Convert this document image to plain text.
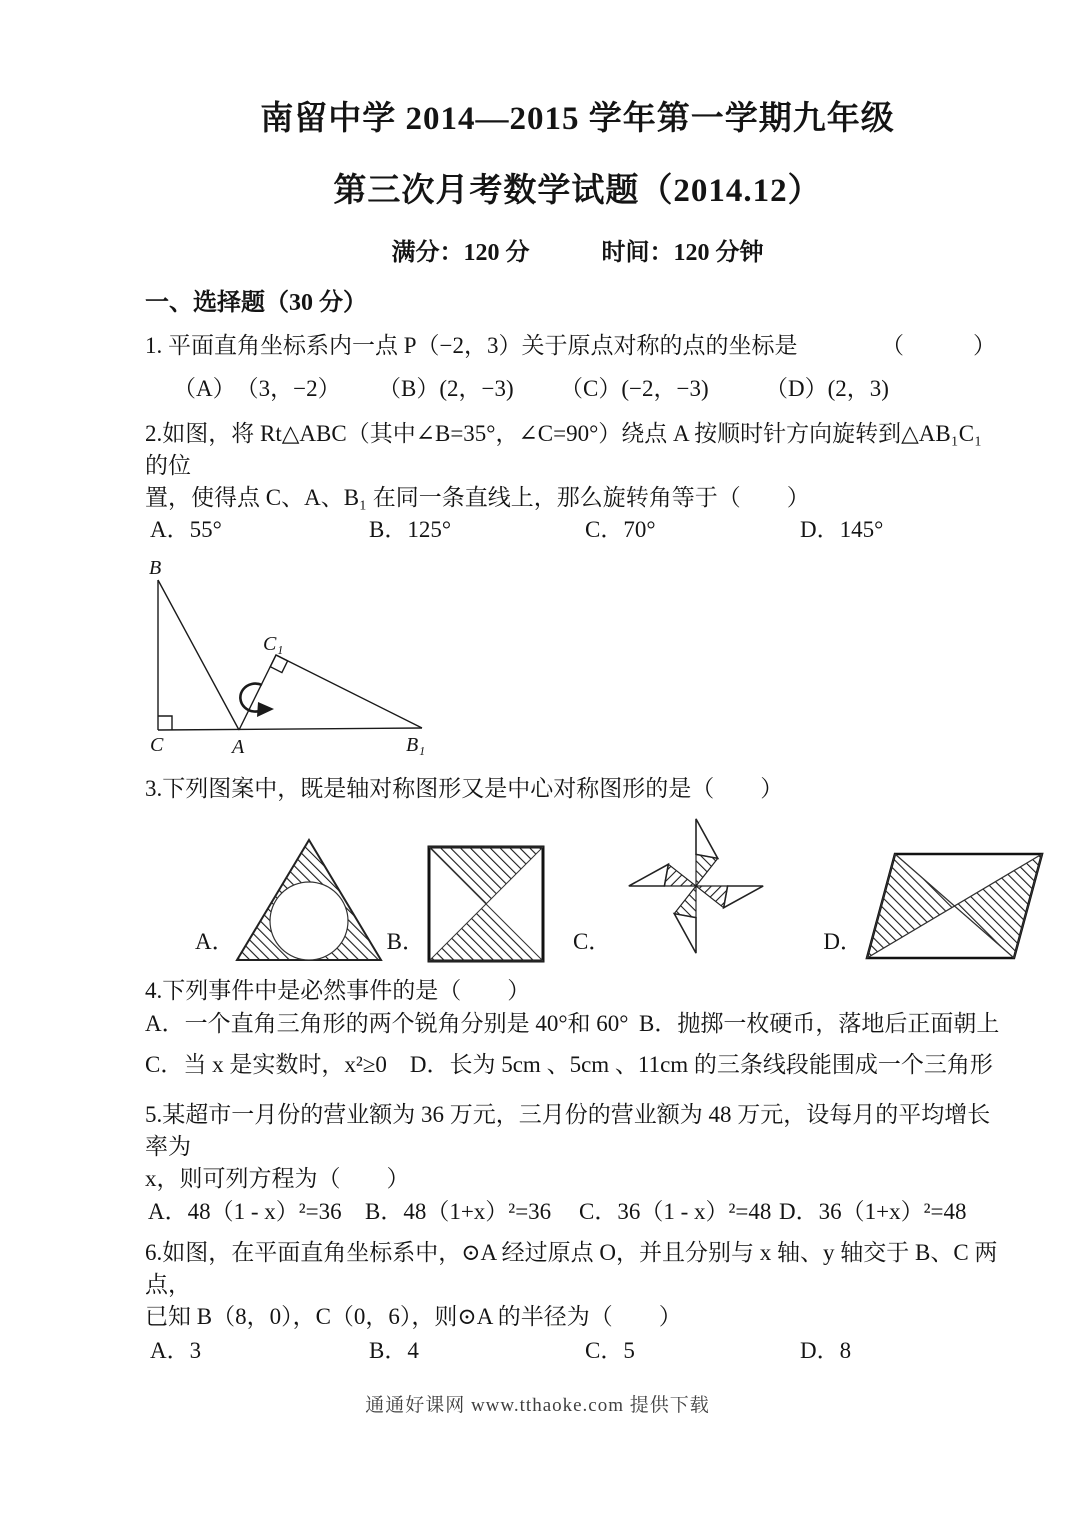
南留中学 2014—2015 学年第一学期九年级
第三次月考数学试题（2014.12）
满分：120 分　　　时间：120 分钟
一、选择题（30 分）
1. 平面直角坐标系内一点 P（−2，3）关于原点对称的点的坐标是	（　　　）
（A）　（3，−2）	（B）(2，−3)	（C）(−2，−3)	（D）(2，3)
2.如图，将 Rt△ABC（其中∠B=35°，∠C=90°）绕点 A 按顺时针方向旋转到△AB₁C₁ 的位
置，使得点 C、A、B₁ 在同一条直线上，那么旋转角等于（　　）
A．55°	B．125°	C．70°	D．145°
B
C	A	B₁
C₁
3.下列图案中，既是轴对称图形又是中心对称图形的是（　　）
A．	B．	C．	D．
4.下列事件中是必然事件的是（　　）
A．一个直角三角形的两个锐角分别是 40°和 60° B．抛掷一枚硬币，落地后正面朝上
C．当 x 是实数时，x²≥0　D．长为 5cm 、5cm 、11cm 的三条线段能围成一个三角形
5.某超市一月份的营业额为 36 万元，三月份的营业额为 48 万元，设每月的平均增长率为
x，则可列方程为（　　）
A．48（1 - x）²=36	B．48（1+x）²=36	C．36（1 - x）²=48 D．36（1+x）²=48
6.如图，在平面直角坐标系中，⊙A 经过原点 O，并且分别与 x 轴、y 轴交于 B、C 两点，
已知 B（8，0），C（0，6），则⊙A 的半径为（　　）
A．3	B．4	C．5	D．8
通通好课网 www.tthaoke.com 提供下载
